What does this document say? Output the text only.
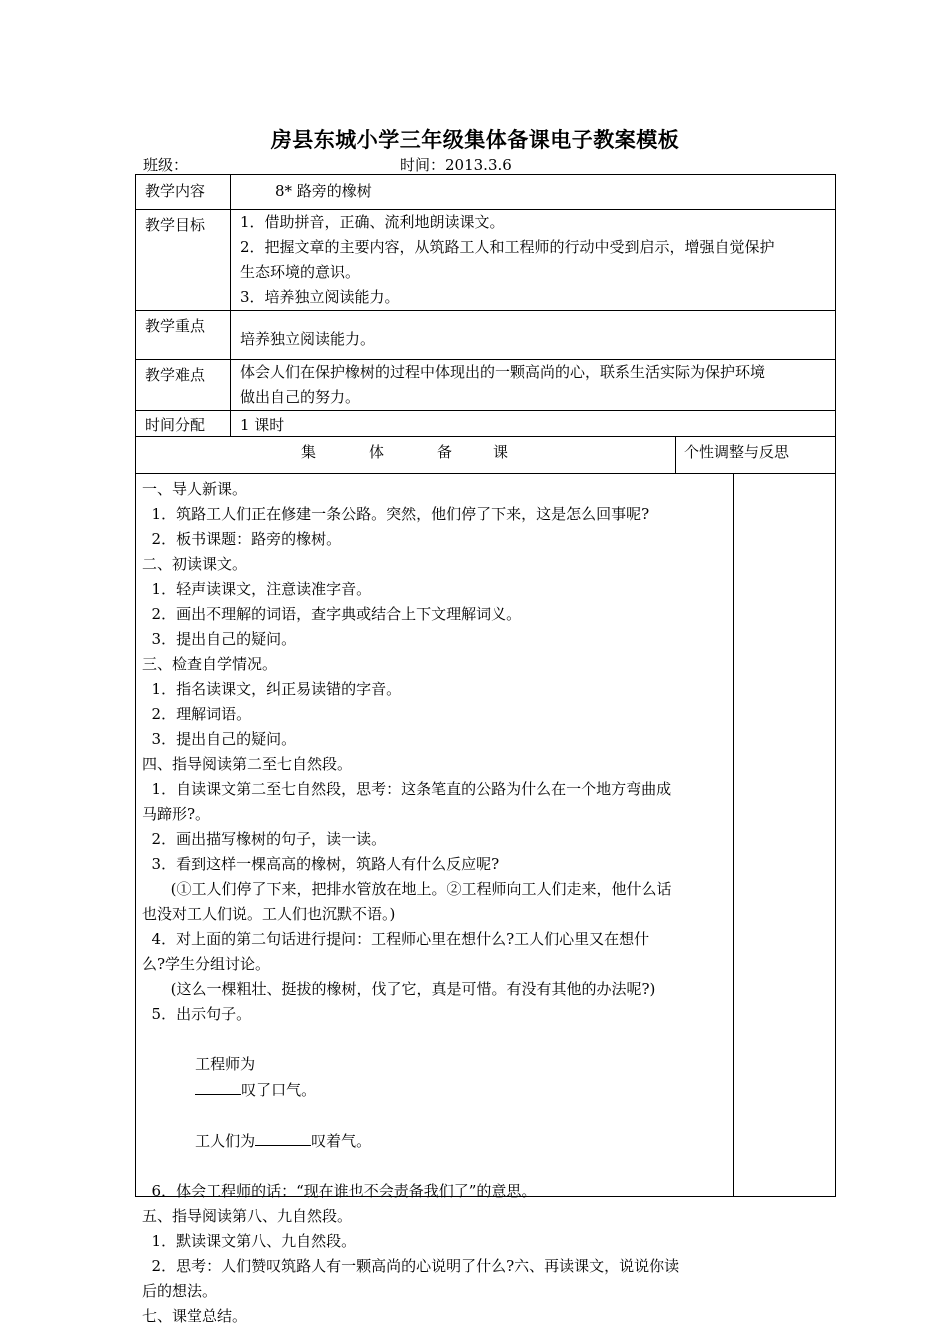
房县东城小学三年级集体备课电子教案模板
班级：	时间：2013.3.6
教学内容	8* 路旁的橡树
教学目标 1．借助拼音，正确、流利地朗读课文。
2．把握文章的主要内容，从筑路工人和工程师的行动中受到启示，增强自觉保护
生态环境的意识。
3．培养独立阅读能力。
教学重点
培养独立阅读能力。
教学难点 体会人们在保护橡树的过程中体现出的一颗高尚的心，联系生活实际为保护环境
做出自己的努力。
时间分配 1 课时
集	体	备	课	个性调整与反思
一、导人新课。
1．筑路工人们正在修建一条公路。突然，他们停了下来，这是怎么回事呢?
2．板书课题：路旁的橡树。
二、初读课文。
1．轻声读课文，注意读准字音。
2．画出不理解的词语，查字典或结合上下文理解词义。
3．提出自己的疑问。
三、检查自学情况。
1．指名读课文，纠正易读错的字音。
2．理解词语。
3．提出自己的疑问。
四、指导阅读第二至七自然段。
1．自读课文第二至七自然段，思考：这条笔直的公路为什么在一个地方弯曲成
马蹄形?。
2．画出描写橡树的句子，读一读。
3．看到这样一棵高高的橡树，筑路人有什么反应呢?
(①工人们停了下来，把排水管放在地上。②工程师向工人们走来，他什么话
也没对工人们说。工人们也沉默不语。)
4．对上面的第二句话进行提问：工程师心里在想什么?工人们心里又在想什
么?学生分组讨论。
(这么一棵粗壮、挺拔的橡树，伐了它，真是可惜。有没有其他的办法呢?)
5．出示句子。

工程师为
叹了口气。

工人们为	叹着气。

6．体会工程师的话：“现在谁也不会责备我们了”的意思。
五、指导阅读第八、九自然段。
1．默读课文第八、九自然段。
2．思考：人们赞叹筑路人有一颗高尚的心说明了什么?六、再读课文，说说你读
后的想法。
七、课堂总结。
